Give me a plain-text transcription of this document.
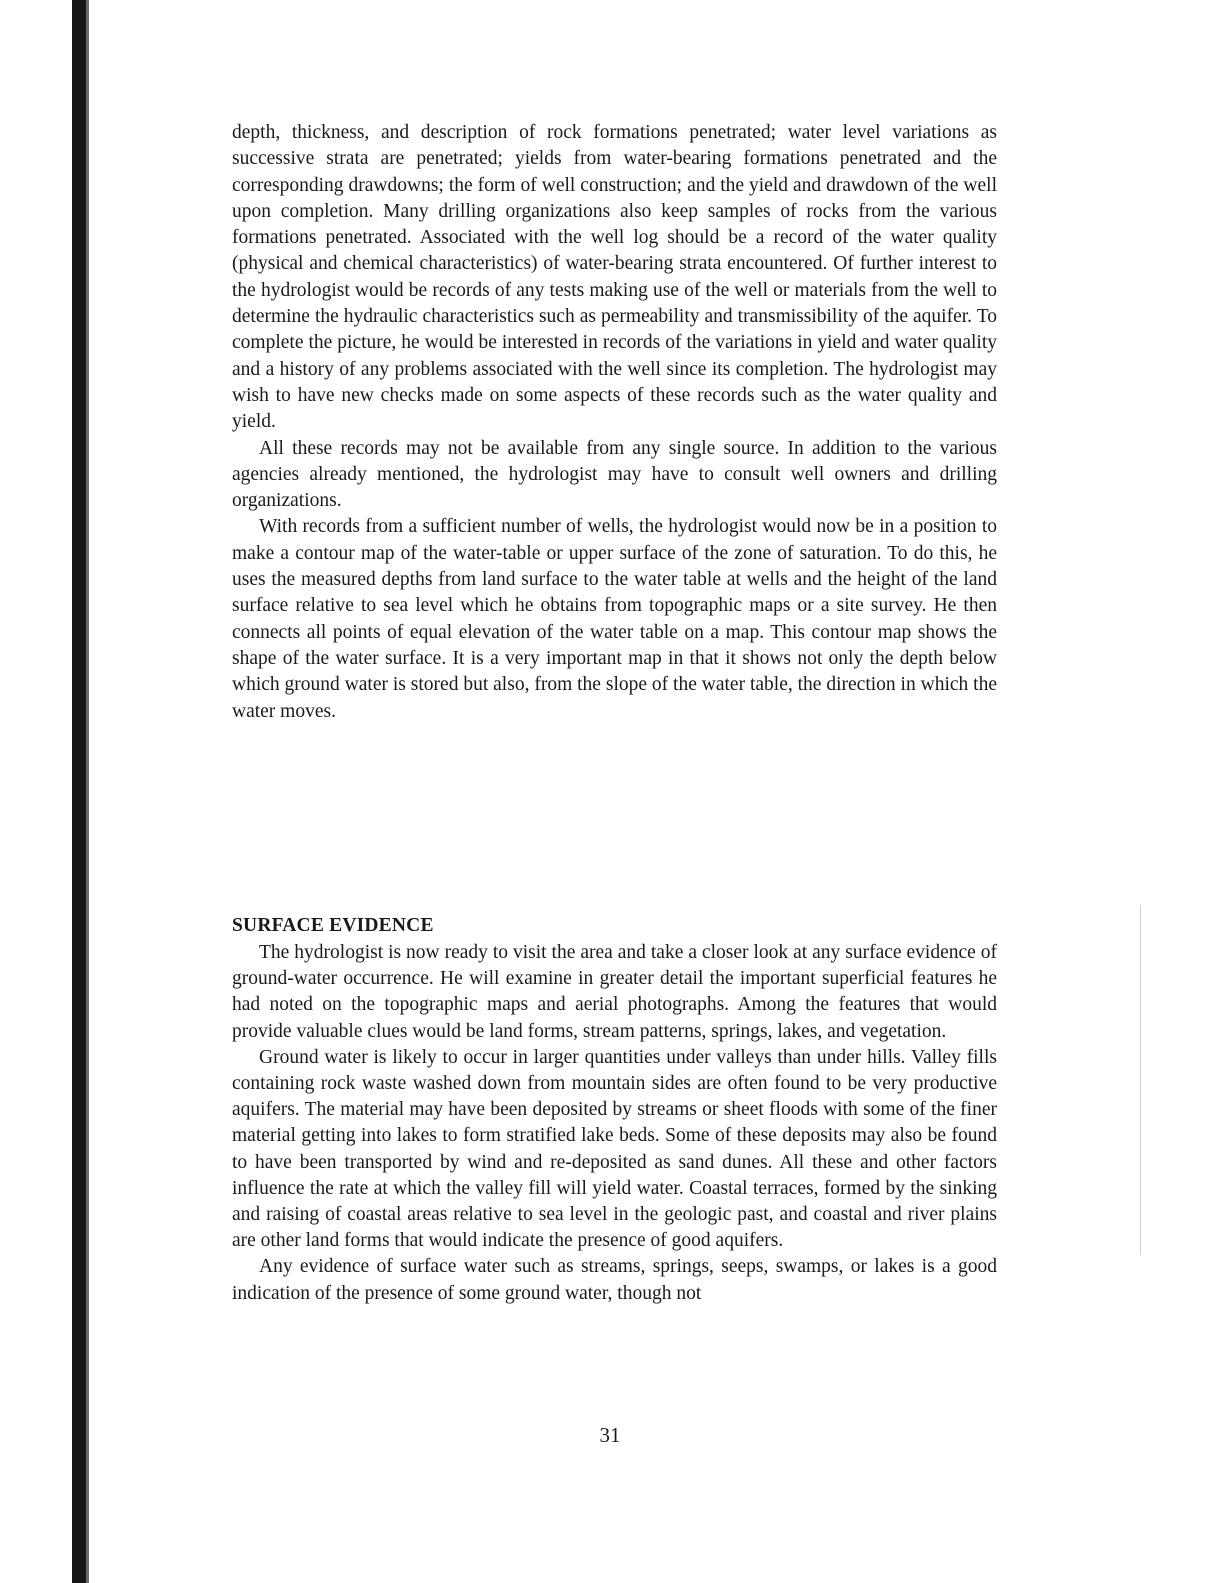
depth, thickness, and description of rock formations penetrated; water level variations as successive strata are penetrated; yields from water-bearing formations penetrated and the corresponding drawdowns; the form of well construction; and the yield and drawdown of the well upon completion. Many drilling organizations also keep samples of rocks from the various formations penetrated. Associated with the well log should be a record of the water quality (physical and chemical characteristics) of water-bearing strata encountered. Of further interest to the hydrologist would be records of any tests making use of the well or materials from the well to determine the hydraulic characteristics such as permeability and transmissibility of the aquifer. To complete the picture, he would be interested in records of the variations in yield and water quality and a history of any problems associated with the well since its completion. The hydrologist may wish to have new checks made on some aspects of these records such as the water quality and yield.

All these records may not be available from any single source. In addition to the various agencies already mentioned, the hydrologist may have to consult well owners and drilling organizations.

With records from a sufficient number of wells, the hydrologist would now be in a position to make a contour map of the water-table or upper surface of the zone of saturation. To do this, he uses the measured depths from land surface to the water table at wells and the height of the land surface relative to sea level which he obtains from topographic maps or a site survey. He then connects all points of equal elevation of the water table on a map. This contour map shows the shape of the water surface. It is a very important map in that it shows not only the depth below which ground water is stored but also, from the slope of the water table, the direction in which the water moves.

SURFACE EVIDENCE

The hydrologist is now ready to visit the area and take a closer look at any surface evidence of ground-water occurrence. He will examine in greater detail the important superficial features he had noted on the topographic maps and aerial photographs. Among the features that would provide valuable clues would be land forms, stream patterns, springs, lakes, and vegetation.

Ground water is likely to occur in larger quantities under valleys than under hills. Valley fills containing rock waste washed down from mountain sides are often found to be very productive aquifers. The material may have been deposited by streams or sheet floods with some of the finer material getting into lakes to form stratified lake beds. Some of these deposits may also be found to have been transported by wind and re-deposited as sand dunes. All these and other factors influence the rate at which the valley fill will yield water. Coastal terraces, formed by the sinking and raising of coastal areas relative to sea level in the geologic past, and coastal and river plains are other land forms that would indicate the presence of good aquifers.

Any evidence of surface water such as streams, springs, seeps, swamps, or lakes is a good indication of the presence of some ground water, though not

31
